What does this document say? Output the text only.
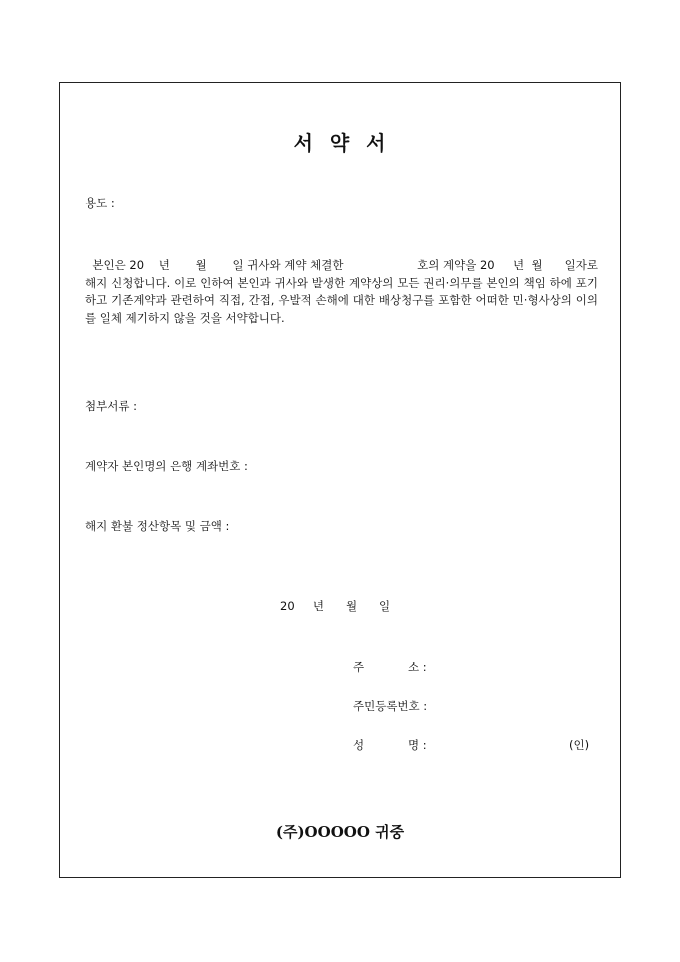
서  약  서
용도 :
본인은 20    년       월       일 귀사와 계약 체결한                    호의 계약을 20     년  월      일자로 해지 신청합니다. 이로 인하여 본인과 귀사와 발생한 계약상의 모든 권리·의무를 본인의 책임 하에 포기하고 기존계약과 관련하여 직접, 간접, 우발적 손해에 대한 배상청구를 포함한 어떠한 민·형사상의 이의를 일체 제기하지 않을 것을 서약합니다.
첨부서류 :
계약자 본인명의 은행 계좌번호 :
해지 환불 정산항목 및 금액 :
20     년      월      일
주            소 :
주민등록번호 :
성            명 :	(인)
(주)OOOOO 귀중
